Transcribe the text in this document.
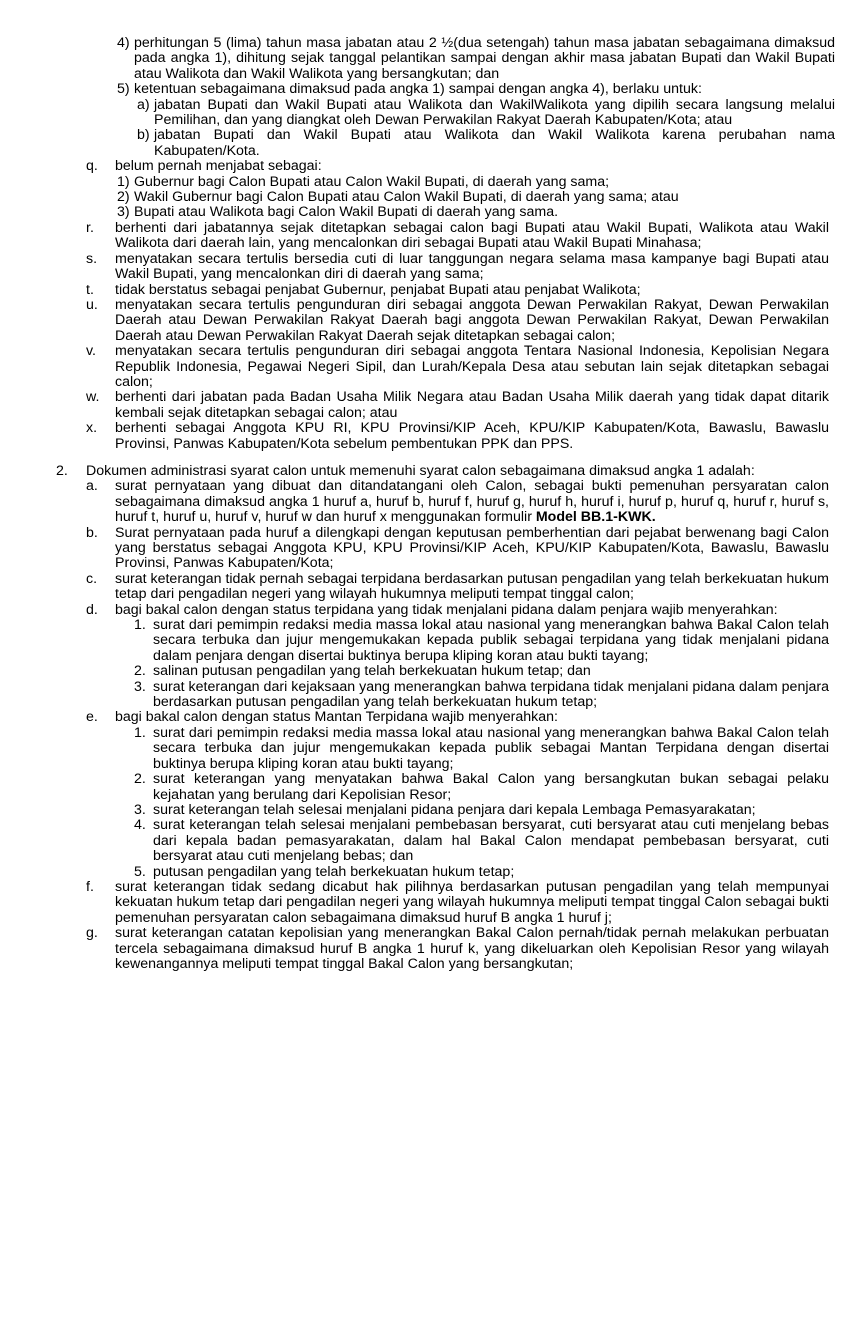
4) perhitungan 5 (lima) tahun masa jabatan atau 2 ½(dua setengah) tahun masa jabatan sebagaimana dimaksud pada angka 1), dihitung sejak tanggal pelantikan sampai dengan akhir masa jabatan Bupati dan Wakil Bupati atau Walikota dan Wakil Walikota yang bersangkutan; dan
5) ketentuan sebagaimana dimaksud pada angka 1) sampai dengan angka 4), berlaku untuk:
a) jabatan Bupati dan Wakil Bupati atau Walikota dan WakilWalikota yang dipilih secara langsung melalui Pemilihan, dan yang diangkat oleh Dewan Perwakilan Rakyat Daerah Kabupaten/Kota; atau
b) jabatan Bupati dan Wakil Bupati atau Walikota dan Wakil Walikota karena perubahan nama Kabupaten/Kota.
q. belum pernah menjabat sebagai:
1) Gubernur bagi Calon Bupati atau Calon Wakil Bupati, di daerah yang sama;
2) Wakil Gubernur bagi Calon Bupati atau Calon Wakil Bupati, di daerah yang sama; atau
3) Bupati atau Walikota bagi Calon Wakil Bupati di daerah yang sama.
r. berhenti dari jabatannya sejak ditetapkan sebagai calon bagi Bupati atau Wakil Bupati, Walikota atau Wakil Walikota dari daerah lain, yang mencalonkan diri sebagai Bupati atau Wakil Bupati Minahasa;
s. menyatakan secara tertulis bersedia cuti di luar tanggungan negara selama masa kampanye bagi Bupati atau Wakil Bupati, yang mencalonkan diri di daerah yang sama;
t. tidak berstatus sebagai penjabat Gubernur, penjabat Bupati atau penjabat Walikota;
u. menyatakan secara tertulis pengunduran diri sebagai anggota Dewan Perwakilan Rakyat, Dewan Perwakilan Daerah atau Dewan Perwakilan Rakyat Daerah bagi anggota Dewan Perwakilan Rakyat, Dewan Perwakilan Daerah atau Dewan Perwakilan Rakyat Daerah sejak ditetapkan sebagai calon;
v. menyatakan secara tertulis pengunduran diri sebagai anggota Tentara Nasional Indonesia, Kepolisian Negara Republik Indonesia, Pegawai Negeri Sipil, dan Lurah/Kepala Desa atau sebutan lain sejak ditetapkan sebagai calon;
w. berhenti dari jabatan pada Badan Usaha Milik Negara atau Badan Usaha Milik daerah yang tidak dapat ditarik kembali sejak ditetapkan sebagai calon; atau
x. berhenti sebagai Anggota KPU RI, KPU Provinsi/KIP Aceh, KPU/KIP Kabupaten/Kota, Bawaslu, Bawaslu Provinsi, Panwas Kabupaten/Kota sebelum pembentukan PPK dan PPS.
2. Dokumen administrasi syarat calon untuk memenuhi syarat calon sebagaimana dimaksud angka 1 adalah:
a. surat pernyataan yang dibuat dan ditandatangani oleh Calon, sebagai bukti pemenuhan persyaratan calon sebagaimana dimaksud angka 1 huruf a, huruf b, huruf f, huruf g, huruf h, huruf i, huruf p, huruf q, huruf r, huruf s, huruf t, huruf u, huruf v, huruf w dan huruf x menggunakan formulir Model BB.1-KWK.
b. Surat pernyataan pada huruf a dilengkapi dengan keputusan pemberhentian dari pejabat berwenang bagi Calon yang berstatus sebagai Anggota KPU, KPU Provinsi/KIP Aceh, KPU/KIP Kabupaten/Kota, Bawaslu, Bawaslu Provinsi, Panwas Kabupaten/Kota;
c. surat keterangan tidak pernah sebagai terpidana berdasarkan putusan pengadilan yang telah berkekuatan hukum tetap dari pengadilan negeri yang wilayah hukumnya meliputi tempat tinggal calon;
d. bagi bakal calon dengan status terpidana yang tidak menjalani pidana dalam penjara wajib menyerahkan:
1. surat dari pemimpin redaksi media massa lokal atau nasional yang menerangkan bahwa Bakal Calon telah secara terbuka dan jujur mengemukakan kepada publik sebagai terpidana yang tidak menjalani pidana dalam penjara dengan disertai buktinya berupa kliping koran atau bukti tayang;
2. salinan putusan pengadilan yang telah berkekuatan hukum tetap; dan
3. surat keterangan dari kejaksaan yang menerangkan bahwa terpidana tidak menjalani pidana dalam penjara berdasarkan putusan pengadilan yang telah berkekuatan hukum tetap;
e. bagi bakal calon dengan status Mantan Terpidana wajib menyerahkan:
1. surat dari pemimpin redaksi media massa lokal atau nasional yang menerangkan bahwa Bakal Calon telah secara terbuka dan jujur mengemukakan kepada publik sebagai Mantan Terpidana dengan disertai buktinya berupa kliping koran atau bukti tayang;
2. surat keterangan yang menyatakan bahwa Bakal Calon yang bersangkutan bukan sebagai pelaku kejahatan yang berulang dari Kepolisian Resor;
3. surat keterangan telah selesai menjalani pidana penjara dari kepala Lembaga Pemasyarakatan;
4. surat keterangan telah selesai menjalani pembebasan bersyarat, cuti bersyarat atau cuti menjelang bebas dari kepala badan pemasyarakatan, dalam hal Bakal Calon mendapat pembebasan bersyarat, cuti bersyarat atau cuti menjelang bebas; dan
5. putusan pengadilan yang telah berkekuatan hukum tetap;
f. surat keterangan tidak sedang dicabut hak pilihnya berdasarkan putusan pengadilan yang telah mempunyai kekuatan hukum tetap dari pengadilan negeri yang wilayah hukumnya meliputi tempat tinggal Calon sebagai bukti pemenuhan persyaratan calon sebagaimana dimaksud huruf B angka 1 huruf j;
g. surat keterangan catatan kepolisian yang menerangkan Bakal Calon pernah/tidak pernah melakukan perbuatan tercela sebagaimana dimaksud huruf B angka 1 huruf k, yang dikeluarkan oleh Kepolisian Resor yang wilayah kewenangannya meliputi tempat tinggal Bakal Calon yang bersangkutan;
